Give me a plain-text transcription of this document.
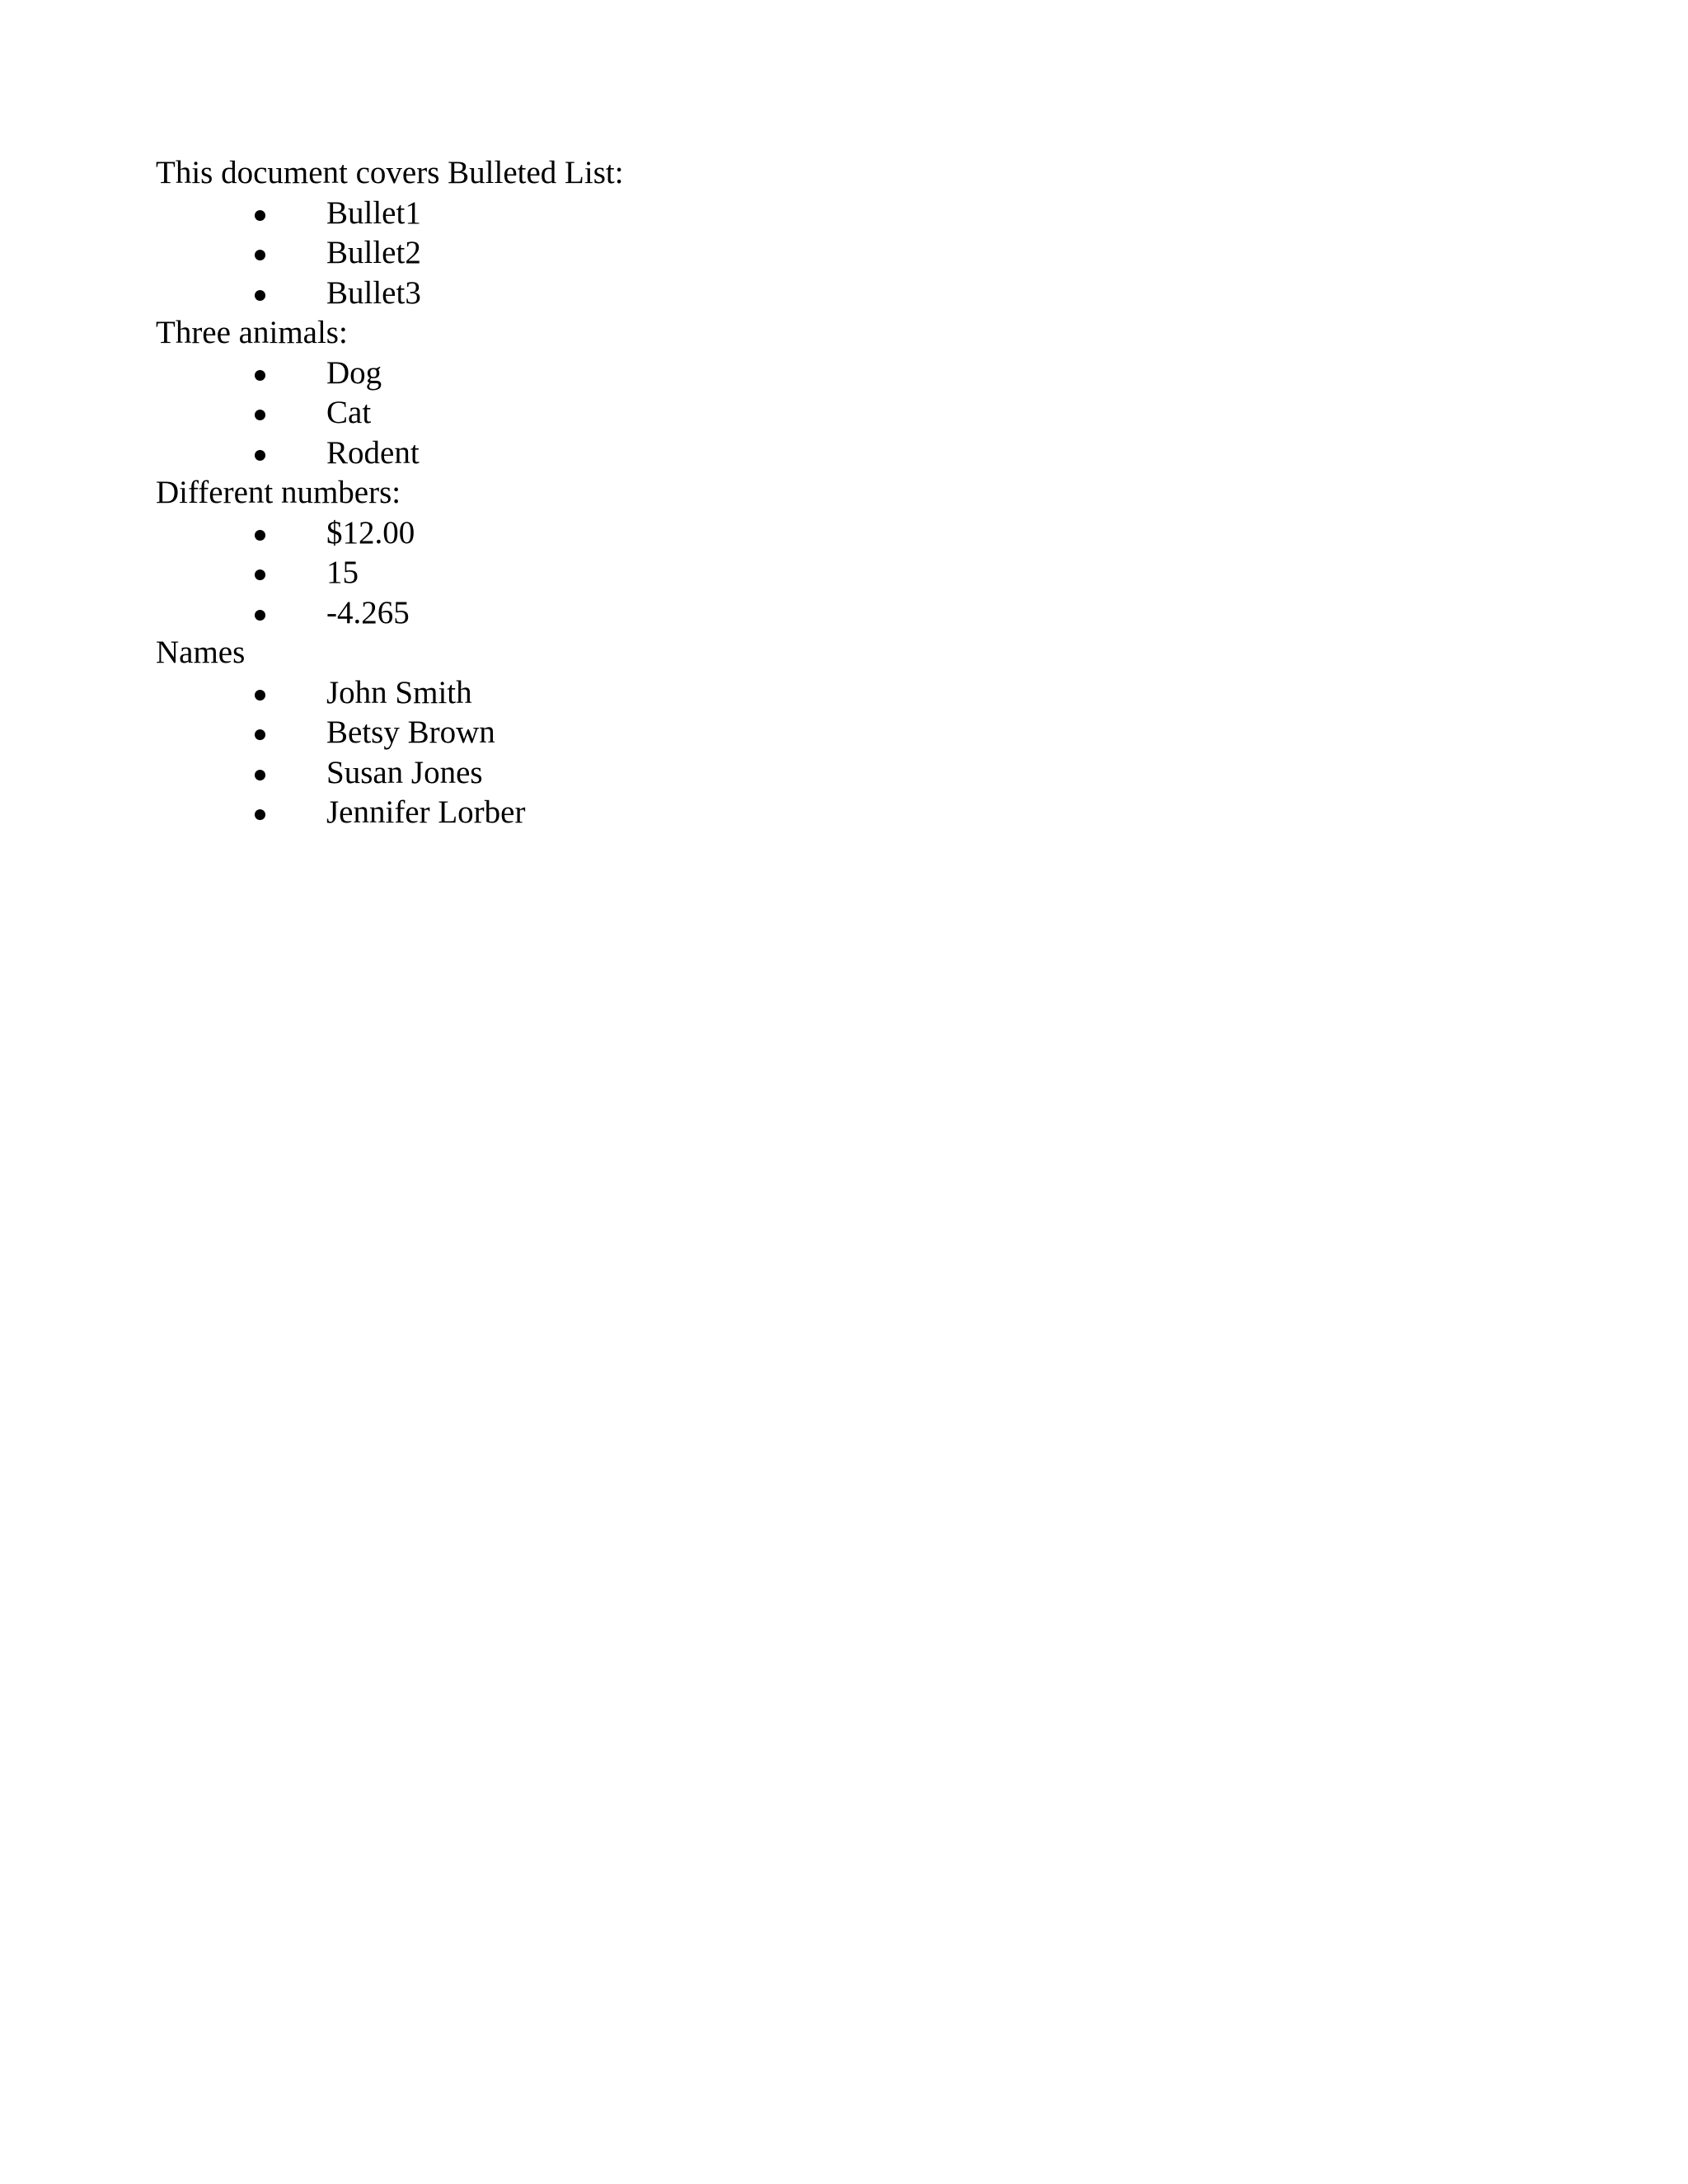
This document covers Bulleted List:

Bullet1
Bullet2
Bullet3

Three animals:

Dog
Cat
Rodent

Different numbers:

$12.00
15
-4.265

Names

John Smith
Betsy Brown
Susan Jones
Jennifer Lorber
